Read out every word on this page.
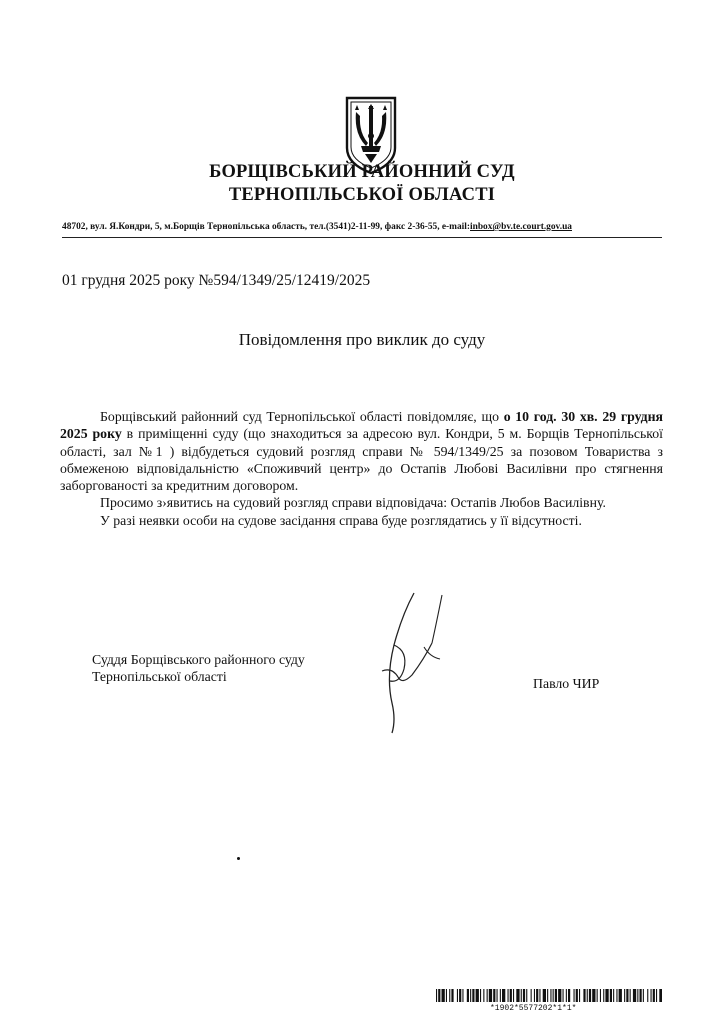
БОРЩІВСЬКИЙ РАЙОННИЙ СУД
ТЕРНОПІЛЬСЬКОЇ ОБЛАСТІ
48702, вул. Я.Кондри, 5, м.Борщів Тернопільська область, тел.(3541)2-11-99, факс 2-36-55, e-mail:inbox@bv.te.court.gov.ua
01 грудня 2025 року №594/1349/25/12419/2025
Повідомлення про виклик до суду

Борщівський районний суд Тернопільської області повідомляє, що о 10 год. 30 хв. 29 грудня 2025 року в приміщенні суду (що знаходиться за адресою вул. Кондри, 5 м. Борщів Тернопільської області, зал №1 ) відбудеться судовий розгляд справи № 594/1349/25 за позовом Товариства з обмеженою відповідальністю «Споживчий центр» до Остапів Любові Василівни про стягнення заборгованості за кредитним договором.

Просимо з›явитись на судовий розгляд справи відповідача: Остапів Любов Василівну.

У разі неявки особи на судове засідання справа буде розглядатись у її відсутності.

Суддя Борщівського районного суду
Тернопільської області	Павло ЧИР
*1902*5577202*1*1*
